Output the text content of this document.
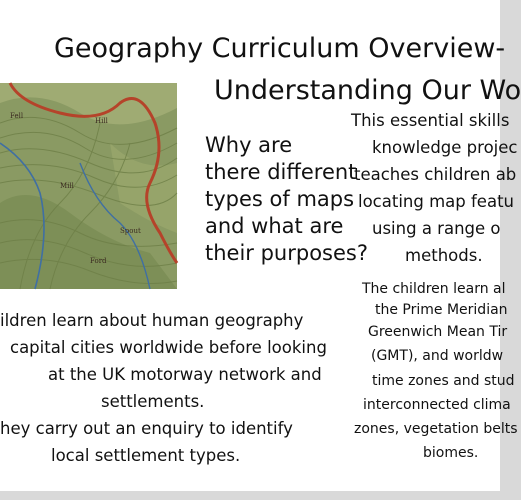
Geography Curriculum Overview-
Understanding Our Wo
Hill
Mill
Fell
Spout
Ford
Why are
there different
types of maps
and what are
their purposes?
This essential skills
knowledge projec
teaches children ab
locating map featu
using a range o
methods.
The children learn al
the Prime Meridian
Greenwich Mean Tir
(GMT), and worldw
time zones and stud
interconnected clima
zones, vegetation belts
biomes.
ildren learn about human geography
capital cities worldwide before looking
at the UK motorway network and
settlements.
hey carry out an enquiry to identify
local settlement types.
